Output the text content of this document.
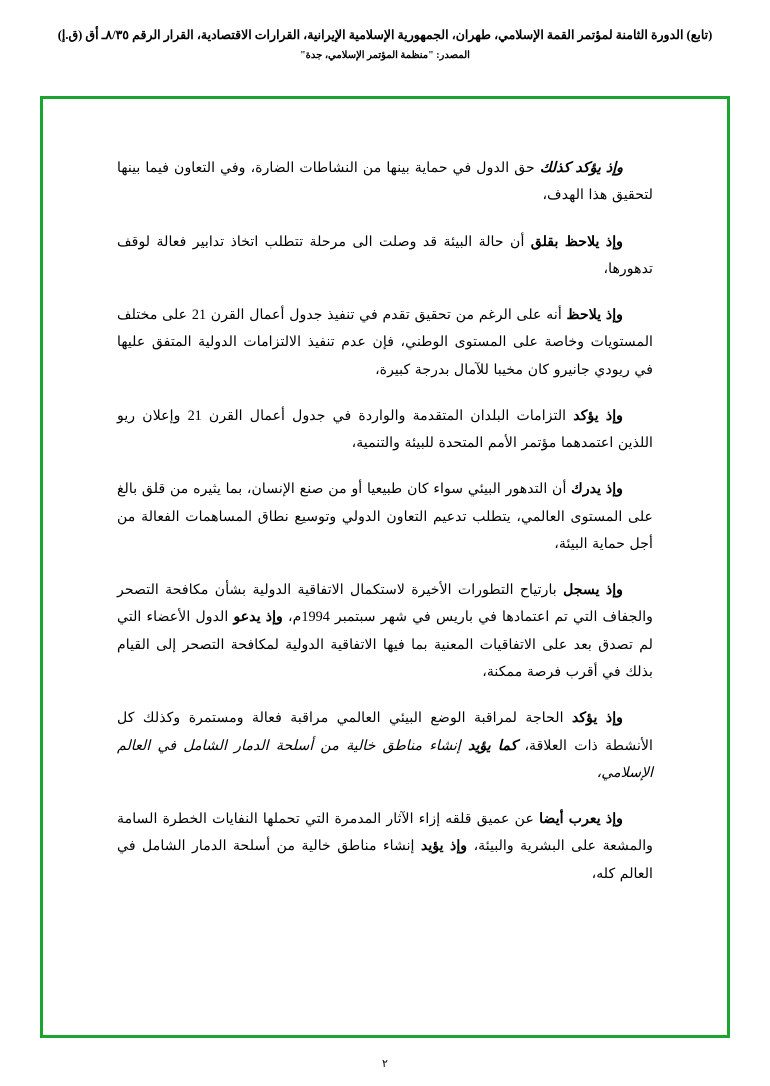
(تابع) الدورة الثامنة لمؤتمر القمة الإسلامي، طهران، الجمهورية الإسلامية الإيرانية، القرارات الاقتصادية، القرار الرقم ٨/٣٥ـ أق (ق.إ)
المصدر: "منظمة المؤتمر الإسلامي، جدة"

وإذ يؤكد كذلك حق الدول في حماية بينها من النشاطات الضارة، وفي التعاون فيما بينها لتحقيق هذا الهدف،

وإذ يلاحظ بقلق أن حالة البيئة قد وصلت الى مرحلة تتطلب اتخاذ تدابير فعالة لوقف تدهورها،

وإذ يلاحظ أنه على الرغم من تحقيق تقدم في تنفيذ جدول أعمال القرن 21 على مختلف المستويات وخاصة على المستوى الوطني، فإن عدم تنفيذ الالتزامات الدولية المتفق عليها في ريودي جانيرو كان مخيبا للآمال بدرجة كبيرة،

وإذ يؤكد التزامات البلدان المتقدمة والواردة في جدول أعمال القرن 21 وإعلان ريو اللذين اعتمدهما مؤتمر الأمم المتحدة للبيئة والتنمية،

وإذ يدرك أن التدهور البيئي سواء كان طبيعيا أو من صنع الإنسان، بما يثيره من قلق بالغ على المستوى العالمي، يتطلب تدعيم التعاون الدولي وتوسيع نطاق المساهمات الفعالة من أجل حماية البيئة،

وإذ يسجل بارتياح التطورات الأخيرة لاستكمال الاتفاقية الدولية بشأن مكافحة التصحر والجفاف التي تم اعتمادها في باريس في شهر سبتمبر 1994م، وإذ يدعو الدول الأعضاء التي لم تصدق بعد على الاتفاقيات المعنية بما فيها الاتفاقية الدولية لمكافحة التصحر إلى القيام بذلك في أقرب فرصة ممكنة،

وإذ يؤكد الحاجة لمراقبة الوضع البيئي العالمي مراقبة فعالة ومستمرة وكذلك كل الأنشطة ذات العلاقة، كما يؤيد إنشاء مناطق خالية من أسلحة الدمار الشامل في العالم الإسلامي،

وإذ يعرب أيضا عن عميق قلقه إزاء الآثار المدمرة التي تحملها النفايات الخطرة السامة والمشعة على البشرية والبيئة، وإذ يؤيد إنشاء مناطق خالية من أسلحة الدمار الشامل في العالم كله،

٢
